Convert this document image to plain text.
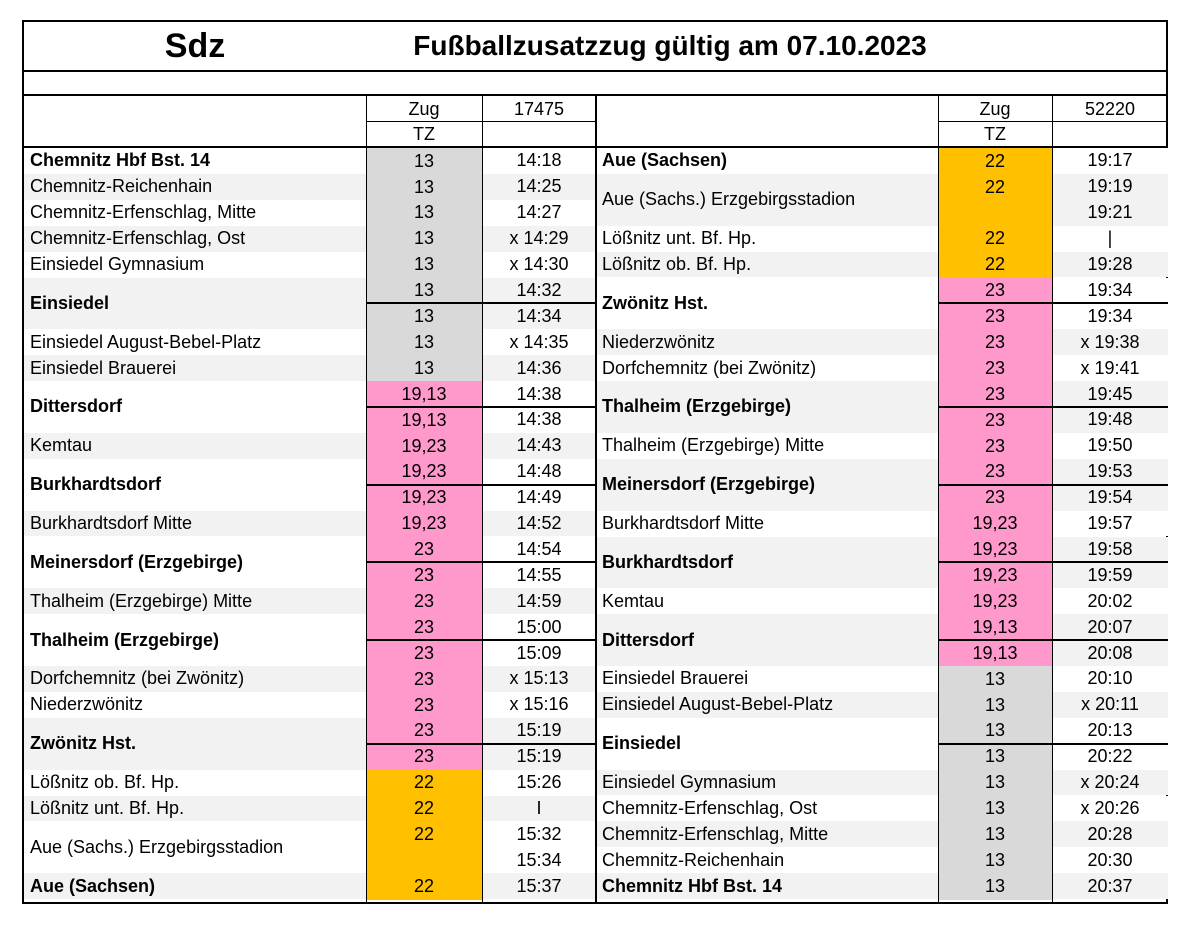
Sdz	Fußballzusatzzug gültig am 07.10.2023
Zug	17475
TZ
Chemnitz Hbf Bst. 14	13	14:18
Chemnitz-Reichenhain	13	14:25
Chemnitz-Erfenschlag, Mitte	13	14:27
Chemnitz-Erfenschlag, Ost	13	x 14:29
Einsiedel Gymnasium	13	x 14:30
Einsiedel
13	14:32
13	14:34
Einsiedel August-Bebel-Platz	13	x 14:35
Einsiedel Brauerei	13	14:36
Dittersdorf
19,13	14:38
19,13	14:38
Kemtau	19,23	14:43
Burkhardtsdorf
19,23	14:48
19,23	14:49
Burkhardtsdorf Mitte	19,23	14:52
Meinersdorf (Erzgebirge)
23	14:54
23	14:55
Thalheim (Erzgebirge) Mitte	23	14:59
Thalheim (Erzgebirge)
23	15:00
23	15:09
Dorfchemnitz (bei Zwönitz)	23	x 15:13
Niederzwönitz	23	x 15:16
Zwönitz Hst.
23	15:19
23	15:19
Lößnitz ob. Bf. Hp.	22	15:26
Lößnitz unt. Bf. Hp.	22	I
Aue (Sachs.) Erzgebirgsstadion
22	15:32
15:34
Aue (Sachsen)	22	15:37
Zug	52220
TZ
Aue (Sachsen)	22	19:17
Aue (Sachs.) Erzgebirgsstadion
22	19:19
19:21
Lößnitz unt. Bf. Hp.	22	|
Lößnitz ob. Bf. Hp.	22	19:28
Zwönitz Hst.
23	19:34
23	19:34
Niederzwönitz	23	x 19:38
Dorfchemnitz (bei Zwönitz)	23	x 19:41
Thalheim (Erzgebirge)
23	19:45
23	19:48
Thalheim (Erzgebirge) Mitte	23	19:50
Meinersdorf (Erzgebirge)
23	19:53
23	19:54
Burkhardtsdorf Mitte	19,23	19:57
Burkhardtsdorf
19,23	19:58
19,23	19:59
Kemtau	19,23	20:02
Dittersdorf
19,13	20:07
19,13	20:08
Einsiedel Brauerei	13	20:10
Einsiedel August-Bebel-Platz	13	x 20:11
Einsiedel
13	20:13
13	20:22
Einsiedel Gymnasium	13	x 20:24
Chemnitz-Erfenschlag, Ost	13	x 20:26
Chemnitz-Erfenschlag, Mitte	13	20:28
Chemnitz-Reichenhain	13	20:30
Chemnitz Hbf Bst. 14	13	20:37
